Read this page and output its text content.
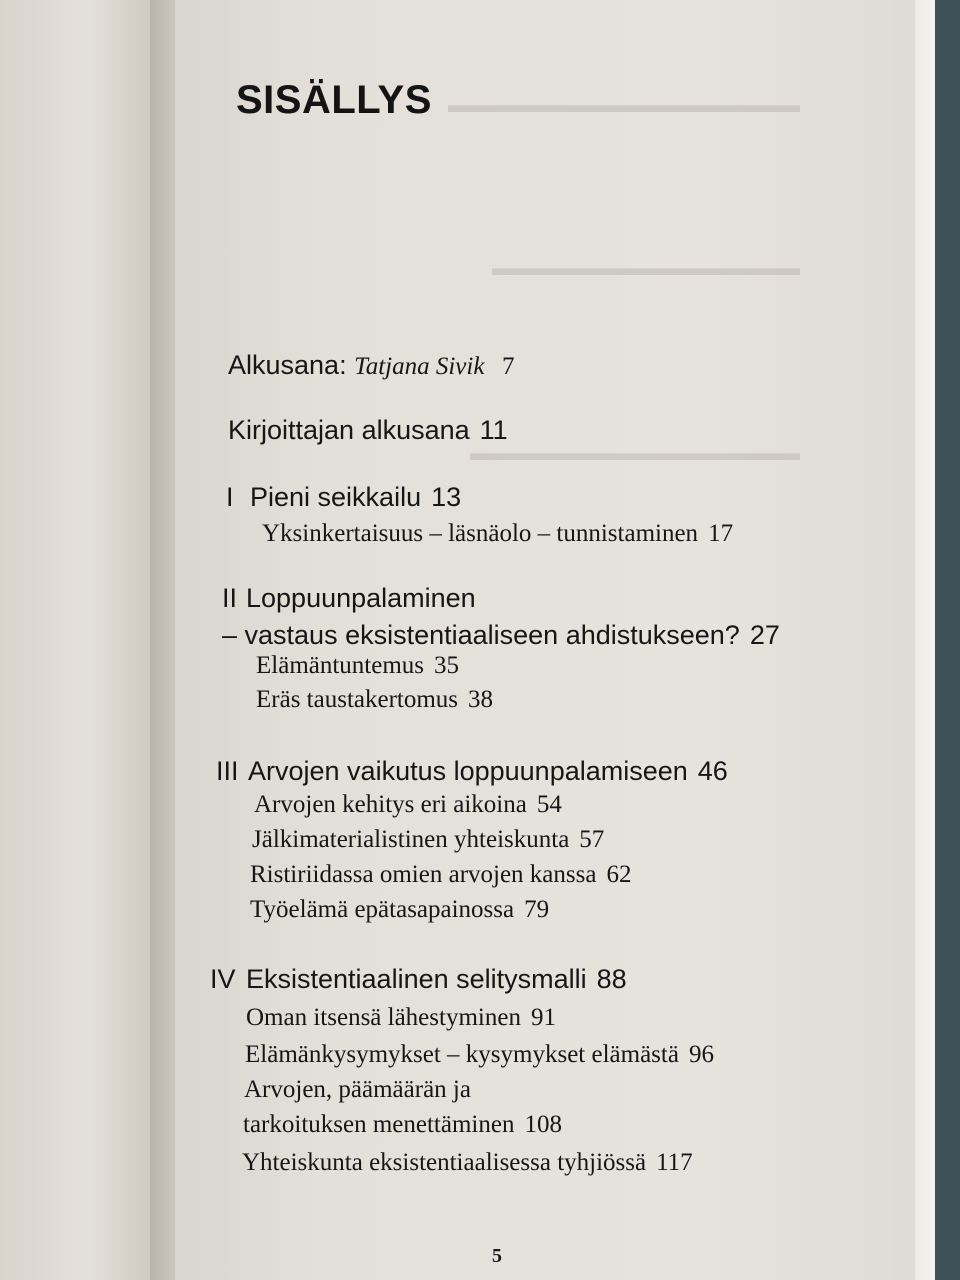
▬▬▬▬▬▬▬▬▬▬▬▬▬▬▬▬
▬▬▬▬▬▬▬▬▬▬▬▬▬▬
▬▬▬▬▬▬▬▬▬▬▬▬▬▬▬
SISÄLLYS
Alkusana: Tatjana Sivik 7
Kirjoittajan alkusana 11
I Pieni seikkailu 13
Yksinkertaisuus – läsnäolo – tunnistaminen 17
II Loppuunpalaminen
– vastaus eksistentiaaliseen ahdistukseen? 27
Elämäntuntemus 35
Eräs taustakertomus 38
III Arvojen vaikutus loppuunpalamiseen 46
Arvojen kehitys eri aikoina 54
Jälkimaterialistinen yhteiskunta 57
Ristiriidassa omien arvojen kanssa 62
Työelämä epätasapainossa 79
IV Eksistentiaalinen selitysmalli 88
Oman itsensä lähestyminen 91
Elämänkysymykset – kysymykset elämästä 96
Arvojen, päämäärän ja
tarkoituksen menettäminen 108
Yhteiskunta eksistentiaalisessa tyhjiössä 117
5
